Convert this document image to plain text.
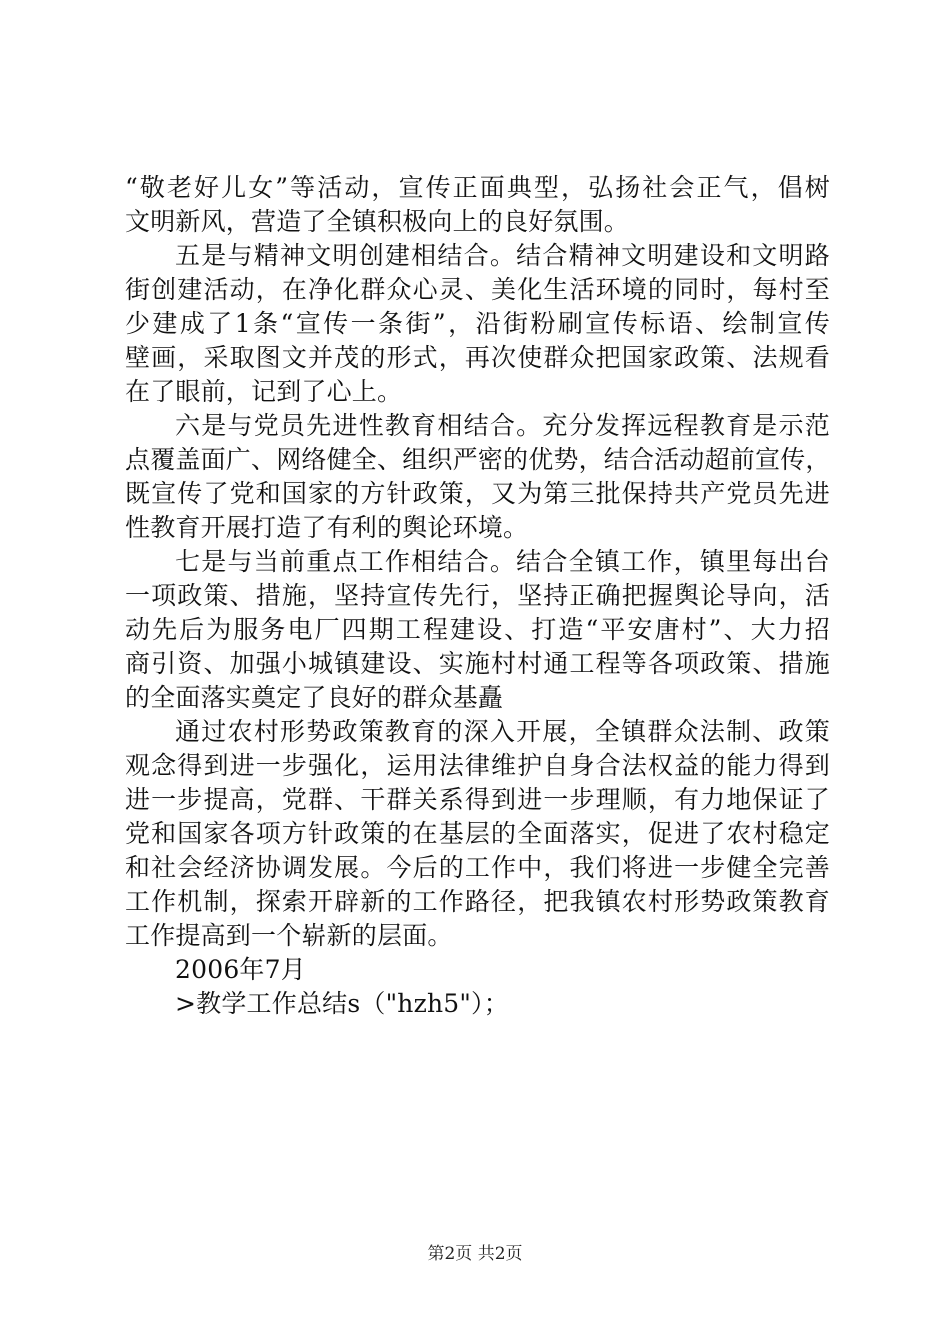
“敬老好儿女”等活动，宣传正面典型，弘扬社会正气，倡树
文明新风，营造了全镇积极向上的良好氛围。
五是与精神文明创建相结合。结合精神文明建设和文明路
街创建活动，在净化群众心灵、美化生活环境的同时，每村至
少建成了1条“宣传一条街”，沿街粉刷宣传标语、绘制宣传
壁画，采取图文并茂的形式，再次使群众把国家政策、法规看
在了眼前，记到了心上。
六是与党员先进性教育相结合。充分发挥远程教育是示范
点覆盖面广、网络健全、组织严密的优势，结合活动超前宣传，
既宣传了党和国家的方针政策，又为第三批保持共产党员先进
性教育开展打造了有利的舆论环境。
七是与当前重点工作相结合。结合全镇工作，镇里每出台
一项政策、措施，坚持宣传先行，坚持正确把握舆论导向，活
动先后为服务电厂四期工程建设、打造“平安唐村”、大力招
商引资、加强小城镇建设、实施村村通工程等各项政策、措施
的全面落实奠定了良好的群众基矗
通过农村形势政策教育的深入开展，全镇群众法制、政策
观念得到进一步强化，运用法律维护自身合法权益的能力得到
进一步提高，党群、干群关系得到进一步理顺，有力地保证了
党和国家各项方针政策的在基层的全面落实，促进了农村稳定
和社会经济协调发展。今后的工作中，我们将进一步健全完善
工作机制，探索开辟新的工作路径，把我镇农村形势政策教育
工作提高到一个崭新的层面。
2006年7月
>教学工作总结s（"hzh5"）；
第2页 共2页
